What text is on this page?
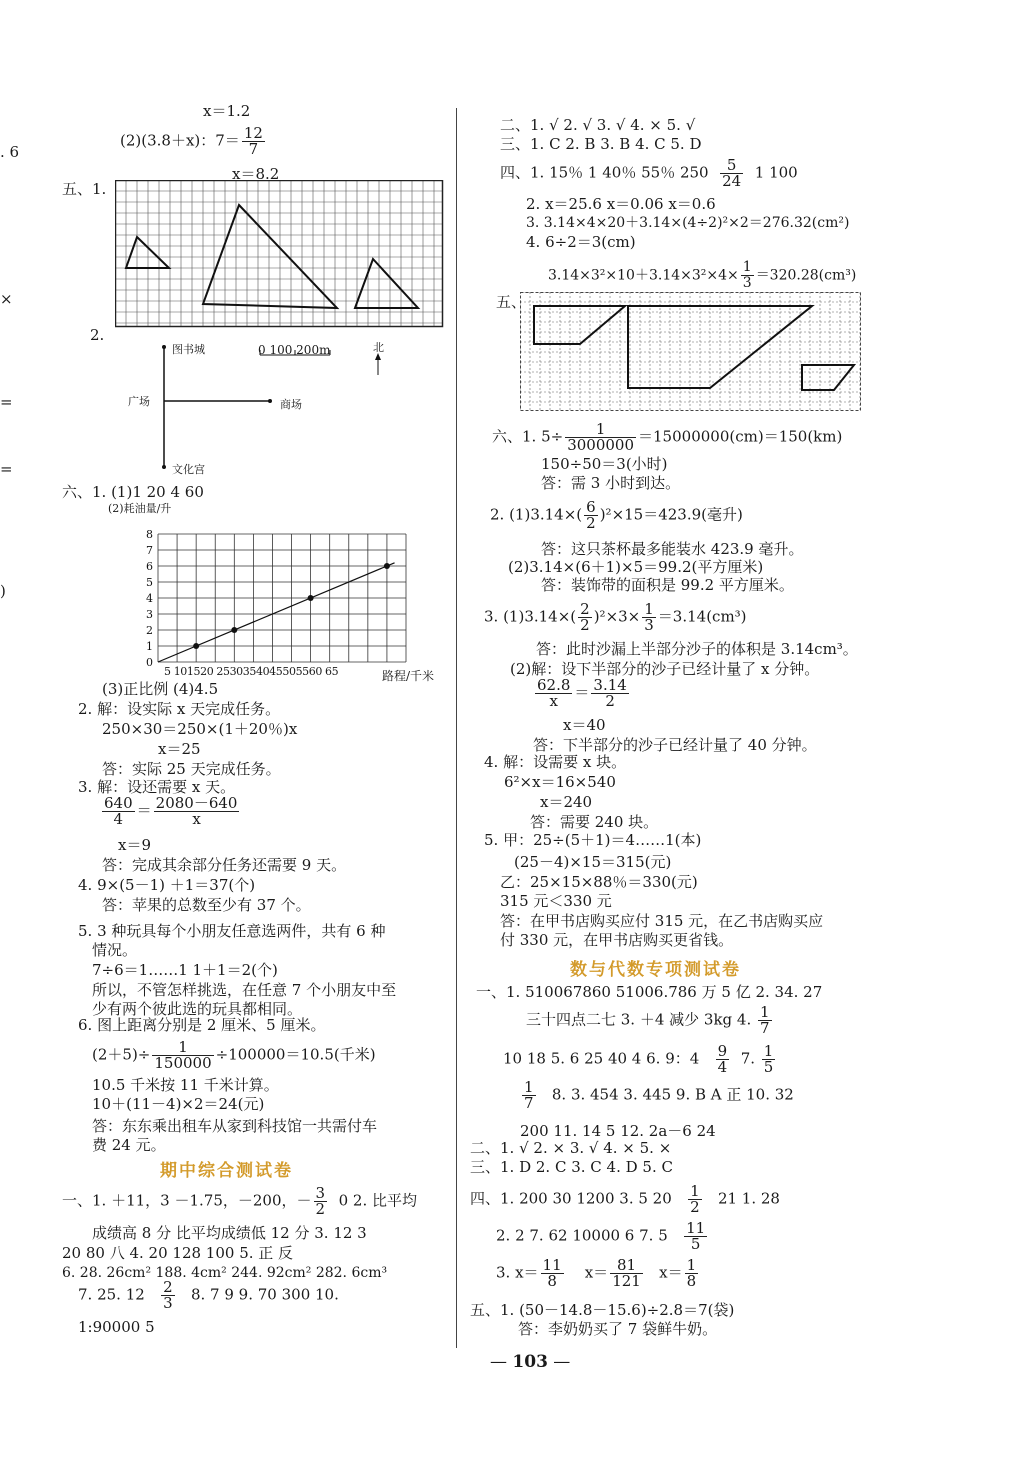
. 6
×
=
=
)
x＝1.2
(2)(3.8＋x)：$7= \frac{12}{7}$
x＝8.2
五、1.
2.
图书城
广场	商场
文化宫
0 100 200m	北
六、1. (1)1 20 4 60
(2)耗油量/升
0
1
2
3
4
5
6
7
8
5 101520 2530354045505560 65	路程/千米
(3)正比例 (4)4.5
2. 解：设实际 x 天完成任务。
250×30＝250×(1＋20％)x
x＝25
答：实际 25 天完成任务。
3. 解：设还需要 x 天。
$\frac{640}{4} = \frac{2080-640}{x}$
x＝9
答：完成其余部分任务还需要 9 天。
4. 9×(5－1) ＋1＝37(个)
答：苹果的总数至少有 37 个。
5. 3 种玩具每个小朋友任意选两件，共有 6 种
情况。
7÷6＝1……1 1＋1＝2(个)
所以，不管怎样挑选，在任意 7 个小朋友中至
少有两个彼此选的玩具都相同。
6. 图上距离分别是 2 厘米、5 厘米。
$(2+5)\div \frac{1}{150000} \div 100000=10.5$(千米)
10.5 千米按 11 千米计算。
10＋(11－4)×2＝24(元)
答：东东乘出租车从家到科技馆一共需付车
费 24 元。
期中综合测试卷
一、1. ＋11，3 －1.75，－200，－ $\frac{3}{2} 0$ 2. 比平均
成绩高 8 分 比平均成绩低 12 分 3. 12 3
20 80 八 4. 20 128 100 5. 正 反
6. 28. 26cm² 188. 4cm² 244. 92cm² 282. 6cm³
7. 25. $12 \frac{2}{3} 8$. 7 9 9. 70 300 10.
1:90000 5
二、1. √ 2. √ 3. √ 4. × 5. √
三、1. C 2. B 3. B 4. C 5. D
四、1. 15％ 1 40％ 55％ $250 \frac{5}{24} 1$ 100
2. x＝25.6 x＝0.06 x＝0.6
3. 3.14×4×20＋3.14×(4÷2)²×2＝276.32(cm²)
4. 6÷2＝3(cm)
$3.14\times 3^2\times 10+3.14\times 3^2\times 4\times \frac{1}{3} =320.28(cm^3)$
五、
六、1. $5\div \frac{1}{3000000} =15000000(cm)=150(km)$
150÷50＝3(小时)
答：需 3 小时到达。
2. $(1)3.14\times( \frac{6}{2} )^2\times 15=423.9$(毫升)
答：这只茶杯最多能装水 423.9 毫升。
(2)3.14×(6＋1)×5＝99.2(平方厘米)
答：装饰带的面积是 99.2 平方厘米。
3. $(1)3.14\times( \frac{2}{2} )^2\times 3\times \frac{1}{3} =3.14(cm^3)$
答：此时沙漏上半部分沙子的体积是 3.14cm³。
(2)解：设下半部分的沙子已经计量了 x 分钟。
$\frac{62.8}{x} = \frac{3.14}{2}$
x＝40
答：下半部分的沙子已经计量了 40 分钟。
4. 解：设需要 x 块。
6²×x＝16×540
x＝240
答：需要 240 块。
5. 甲：25÷(5＋1)＝4……1(本)
(25－4)×15＝315(元)
乙：25×15×88％＝330(元)
315 元＜330 元
答：在甲书店购买应付 315 元，在乙书店购买应
付 330 元，在甲书店购买更省钱。
数与代数专项测试卷
一、1. 510067860 51006.786 万 5 亿 2. 34. 27
三十四点二七 3. ＋4 减少 3kg 4. $\frac{1}{7}$
10 18 5. 6 25 40 4 6. 9：$4 \frac{9}{4} 7$. $\frac{1}{5}$
$\frac{1}{7} 8$. 3. 454 3. 445 9. B A 正 10. 32
200 11. 14 5 12. 2a－6 24
二、1. √ 2. × 3. √ 4. × 5. ×
三、1. D 2. C 3. C 4. D 5. C
四、1. 200 30 1200 3. 5 $20 \frac{1}{2} 21$ 1. 28
2. 2 7. 62 10000 6 7. $5 \frac{11}{5}$
3. $x= \frac{11}{8} x= \frac{81}{121} x= \frac{1}{8}$
五、1. (50－14.8－15.6)÷2.8＝7(袋)
答：李奶奶买了 7 袋鲜牛奶。
— 103 —
